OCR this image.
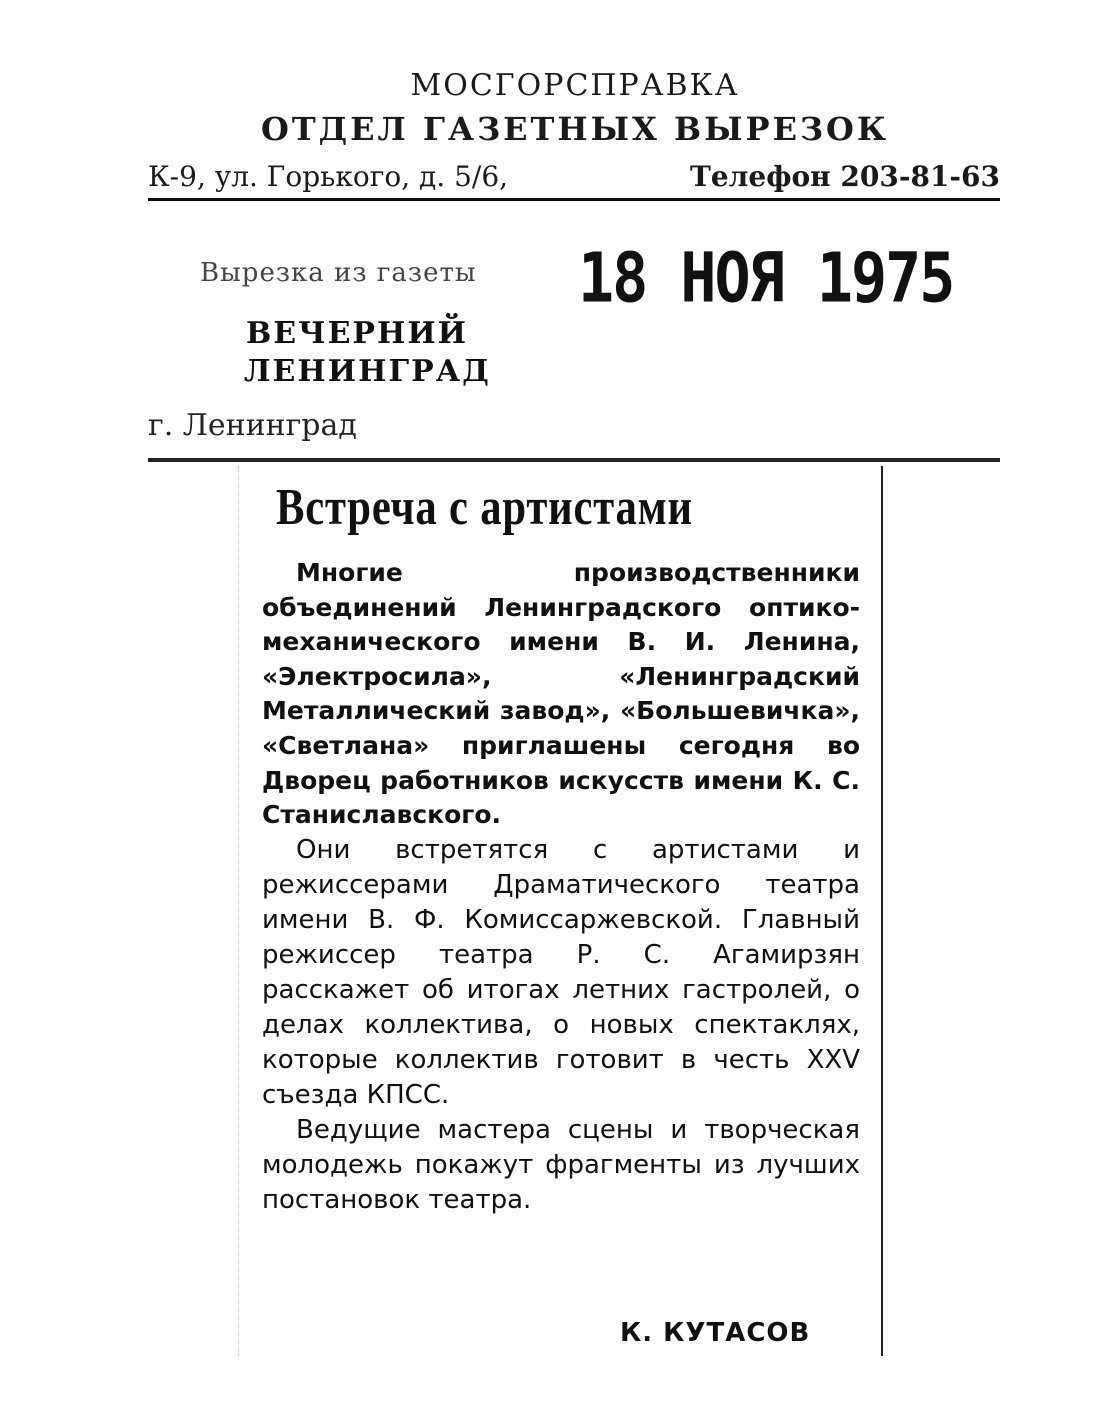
МОСГОРСПРАВКА
ОТДЕЛ ГАЗЕТНЫХ ВЫРЕЗОК
К-9, ул. Горького, д. 5/6,	Телефон 203-81-63
Вырезка из газеты 18 НОЯ 1975
ВЕЧЕРНИЙ
ЛЕНИНГРАД
г. Ленинград
Встреча с артистами

Многие производственники объединений Ленинградского оптико-механического имени В. И. Ленина, «Электросила», «Ленинградский Металлический завод», «Большевичка», «Светлана» приглашены сегодня во Дворец работников искусств имени К. С. Станиславского.

Они встретятся с артистами и режиссерами Драматического театра имени В. Ф. Комиссаржевской. Главный режиссер театра Р. С. Агамирзян расскажет об итогах летних гастролей, о делах коллектива, о новых спектаклях, которые коллектив готовит в честь XXV съезда КПСС.

Ведущие мастера сцены и творческая молодежь покажут фрагменты из лучших постановок театра.

К. КУТАСОВ
